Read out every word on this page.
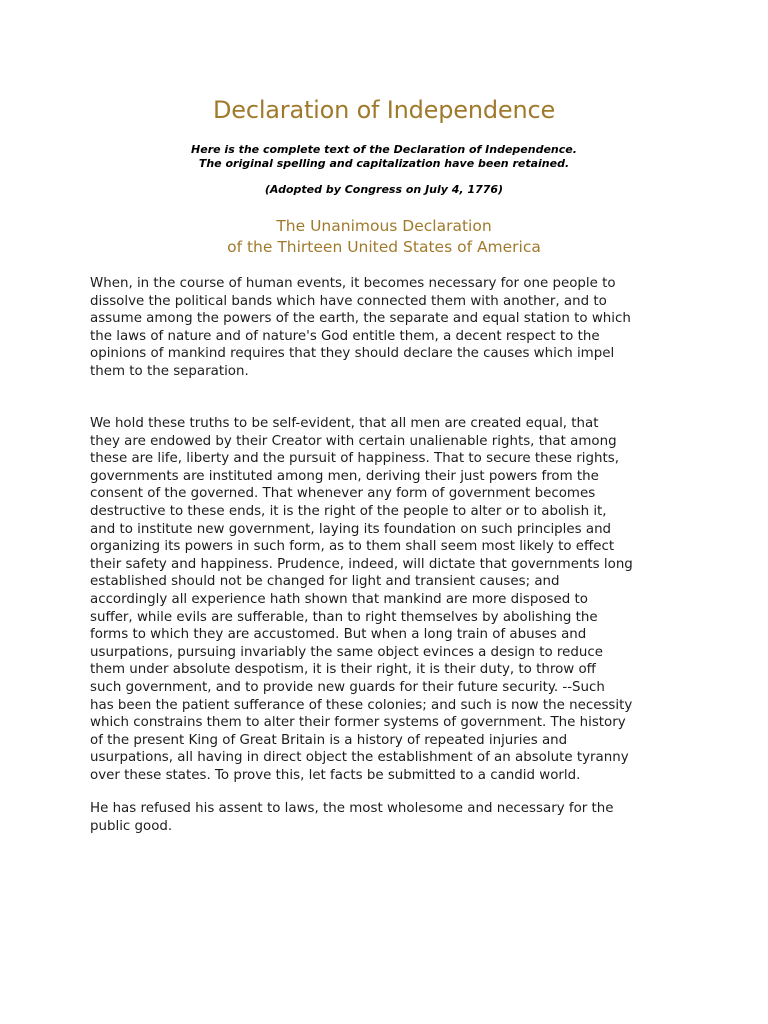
Declaration of Independence
Here is the complete text of the Declaration of Independence.
The original spelling and capitalization have been retained.
(Adopted by Congress on July 4, 1776)
The Unanimous Declaration
of the Thirteen United States of America
When, in the course of human events, it becomes necessary for one people to
dissolve the political bands which have connected them with another, and to
assume among the powers of the earth, the separate and equal station to which
the laws of nature and of nature's God entitle them, a decent respect to the
opinions of mankind requires that they should declare the causes which impel
them to the separation.
We hold these truths to be self-evident, that all men are created equal, that
they are endowed by their Creator with certain unalienable rights, that among
these are life, liberty and the pursuit of happiness. That to secure these rights,
governments are instituted among men, deriving their just powers from the
consent of the governed. That whenever any form of government becomes
destructive to these ends, it is the right of the people to alter or to abolish it,
and to institute new government, laying its foundation on such principles and
organizing its powers in such form, as to them shall seem most likely to effect
their safety and happiness. Prudence, indeed, will dictate that governments long
established should not be changed for light and transient causes; and
accordingly all experience hath shown that mankind are more disposed to
suffer, while evils are sufferable, than to right themselves by abolishing the
forms to which they are accustomed. But when a long train of abuses and
usurpations, pursuing invariably the same object evinces a design to reduce
them under absolute despotism, it is their right, it is their duty, to throw off
such government, and to provide new guards for their future security. --Such
has been the patient sufferance of these colonies; and such is now the necessity
which constrains them to alter their former systems of government. The history
of the present King of Great Britain is a history of repeated injuries and
usurpations, all having in direct object the establishment of an absolute tyranny
over these states. To prove this, let facts be submitted to a candid world.
He has refused his assent to laws, the most wholesome and necessary for the
public good.
